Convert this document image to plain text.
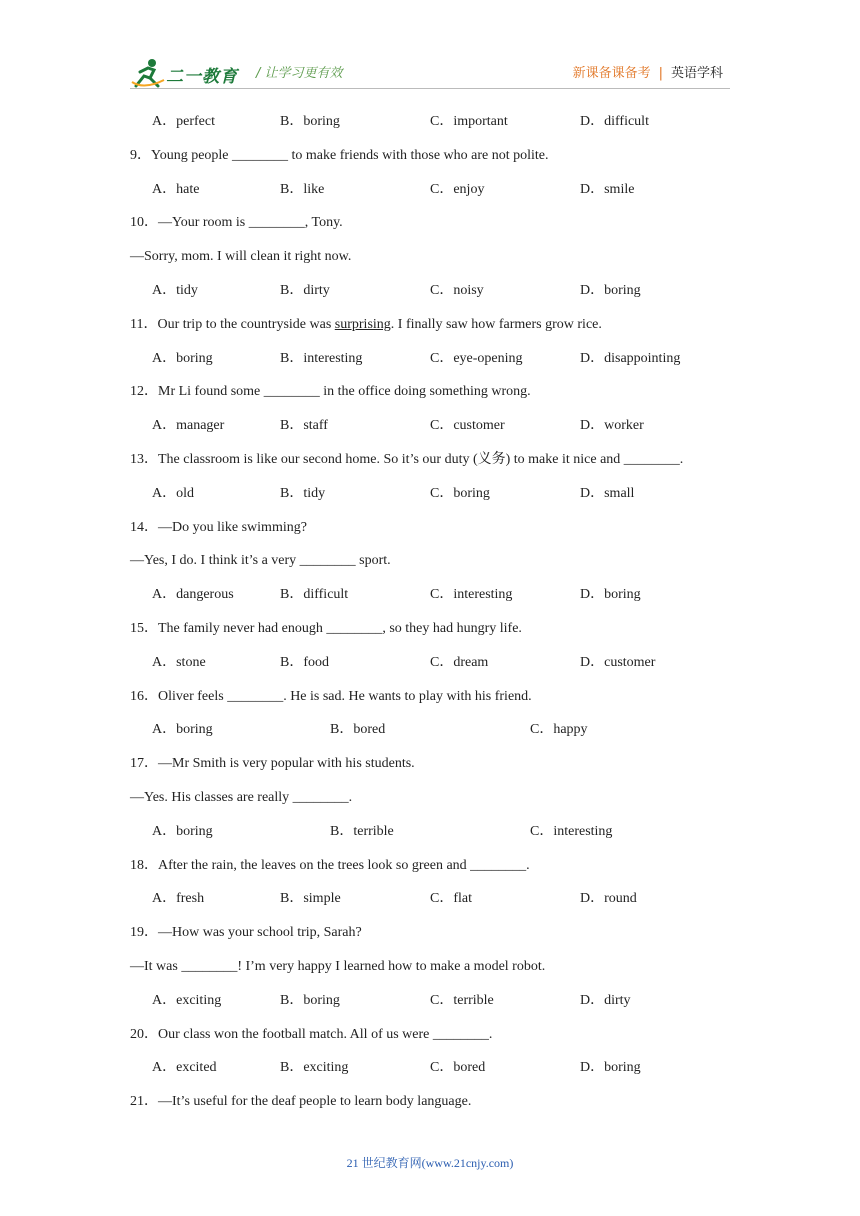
二一教育 / 让学习更有效	新课备课备考 | 英语学科
A．perfect	B．boring	C．important	D．difficult
9．Young people ________ to make friends with those who are not polite.
A．hate	B．like	C．enjoy	D．smile
10．—Your room is ________, Tony.
—Sorry, mom. I will clean it right now.
A．tidy	B．dirty	C．noisy	D．boring
11．Our trip to the countryside was surprising. I finally saw how farmers grow rice.
A．boring	B．interesting	C．eye-opening	D．disappointing
12．Mr Li found some ________ in the office doing something wrong.
A．manager	B．staff	C．customer	D．worker
13．The classroom is like our second home. So it’s our duty (义务) to make it nice and ________.
A．old	B．tidy	C．boring	D．small
14．—Do you like swimming?
—Yes, I do. I think it’s a very ________ sport.
A．dangerous	B．difficult	C．interesting	D．boring
15．The family never had enough ________, so they had hungry life.
A．stone	B．food	C．dream	D．customer
16．Oliver feels ________. He is sad. He wants to play with his friend.
A．boring	B．bored	C．happy
17．—Mr Smith is very popular with his students.
—Yes. His classes are really ________.
A．boring	B．terrible	C．interesting
18．After the rain, the leaves on the trees look so green and ________.
A．fresh	B．simple	C．flat	D．round
19．—How was your school trip, Sarah?
—It was ________! I’m very happy I learned how to make a model robot.
A．exciting	B．boring	C．terrible	D．dirty
20．Our class won the football match. All of us were ________.
A．excited	B．exciting	C．bored	D．boring
21．—It’s useful for the deaf people to learn body language.
21 世纪教育网(www.21cnjy.com)
